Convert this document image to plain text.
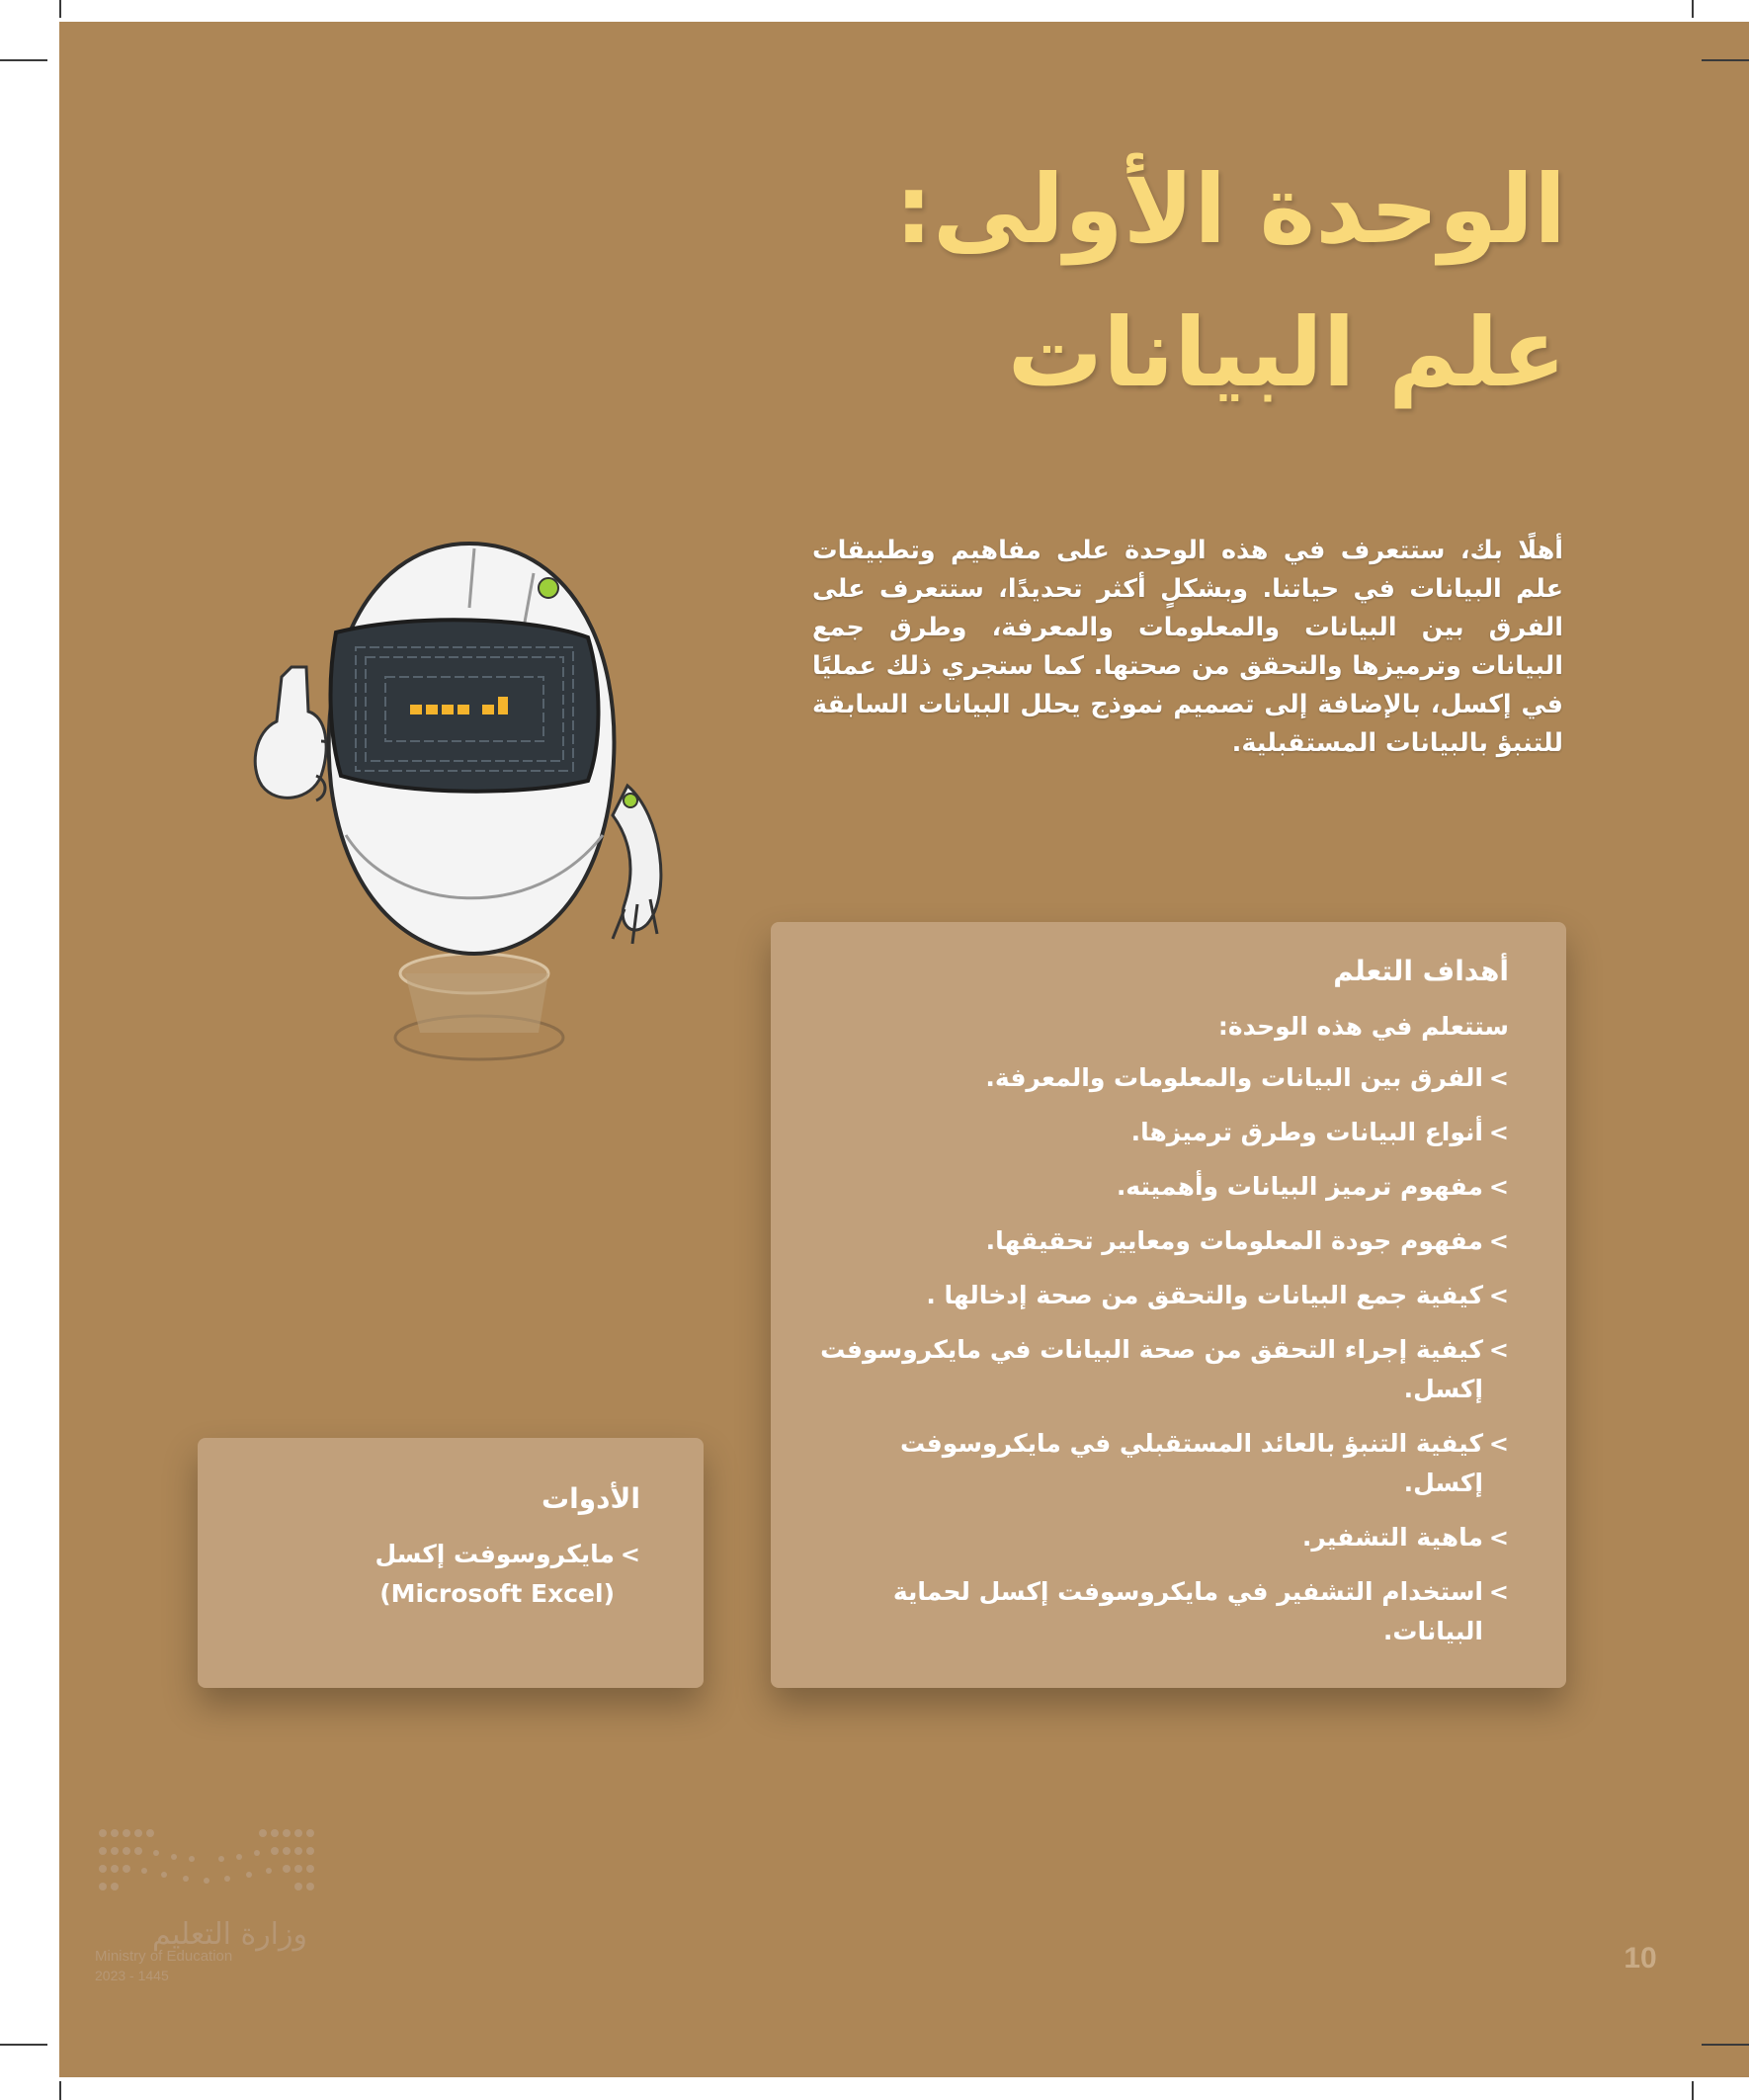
الوحدة الأولى:
علم البيانات
أهلًا بك، ستتعرف في هذه الوحدة على مفاهيم وتطبيقات علم البيانات في حياتنا. وبشكلٍ أكثر تحديدًا، ستتعرف على الفرق بين البيانات والمعلومات والمعرفة، وطرق جمع البيانات وترميزها والتحقق من صحتها. كما ستجري ذلك عمليًا في إكسل، بالإضافة إلى تصميم نموذج يحلل البيانات السابقة للتنبؤ بالبيانات المستقبلية.
أهداف التعلم

ستتعلم في هذه الوحدة:

>
الفرق بين البيانات والمعلومات والمعرفة.
>
أنواع البيانات وطرق ترميزها.
>
مفهوم ترميز البيانات وأهميته.
>
مفهوم جودة المعلومات ومعايير تحقيقها.
>
كيفية جمع البيانات والتحقق من صحة إدخالها .
>
كيفية إجراء التحقق من صحة البيانات في مايكروسوفت إكسل.
>
كيفية التنبؤ بالعائد المستقبلي في مايكروسوفت إكسل.
>
ماهية التشفير.
>
استخدام التشفير في مايكروسوفت إكسل لحماية البيانات.
الأدوات

>
مايكروسوفت إكسل
(Microsoft Excel)

وزارة التعليم
Ministry of Education
2023 - 1445
10
